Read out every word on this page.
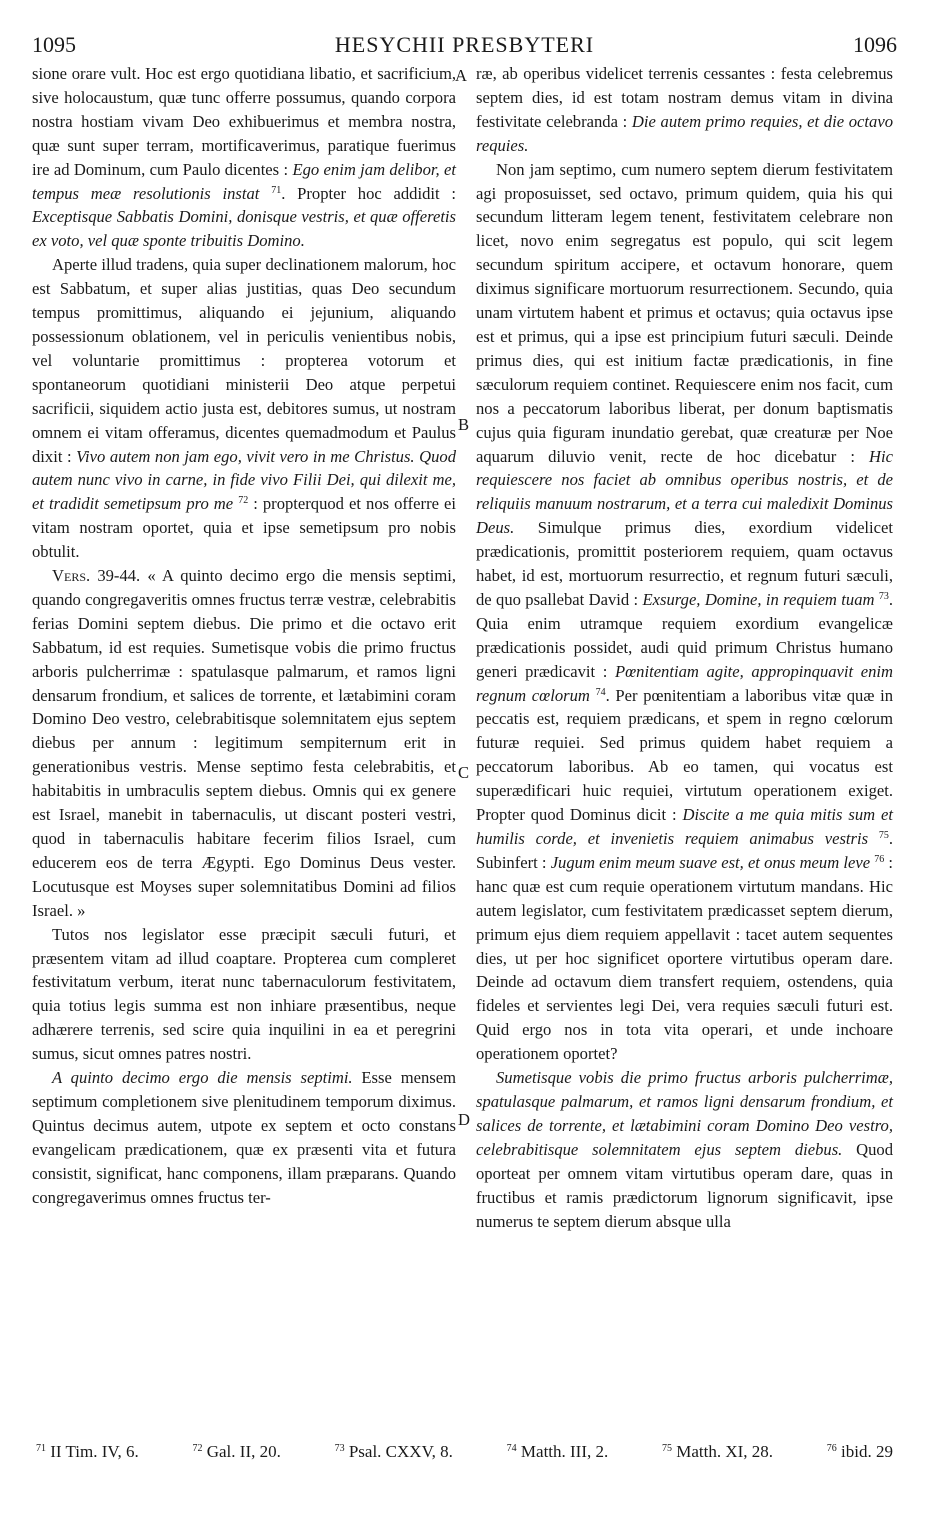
1095	HESYCHII PRESBYTERI	1096

sione orare vult. Hoc est ergo quotidiana libatio, et sacrificium, sive holocaustum, quæ tunc offerre possumus, quando corpora nostra hostiam vivam Deo exhibuerimus et membra nostra, quæ sunt super terram, mortificaverimus, paratique fuerimus ire ad Dominum, cum Paulo dicentes : Ego enim jam delibor, et tempus meæ resolutionis instat $^{71}$. Propter hoc addidit : Exceptisque Sabbatis Domini, donisque vestris, et quæ offeretis ex voto, vel quæ sponte tribuitis Domino.

Aperte illud tradens, quia super declinationem malorum, hoc est Sabbatum, et super alias justitias, quas Deo secundum tempus promittimus, aliquando ei jejunium, aliquando possessionum oblationem, vel in periculis venientibus nobis, vel voluntarie promittimus : propterea votorum et spontaneorum quotidiani ministerii Deo atque perpetui sacrificii, siquidem actio justa est, debitores sumus, ut nostram omnem ei vitam offeramus, dicentes quemadmodum et Paulus dixit : Vivo autem non jam ego, vivit vero in me Christus. Quod autem nunc vivo in carne, in fide vivo Filii Dei, qui dilexit me, et tradidit semetipsum pro me $^{72}$ : propterquod et nos offerre ei vitam nostram oportet, quia et ipse semetipsum pro nobis obtulit.

Vers. 39-44. « A quinto decimo ergo die mensis septimi, quando congregaveritis omnes fructus terræ vestræ, celebrabitis ferias Domini septem diebus. Die primo et die octavo erit Sabbatum, id est requies. Sumetisque vobis die primo fructus arboris pulcherrimæ : spatulasque palmarum, et ramos ligni densarum frondium, et salices de torrente, et lætabimini coram Domino Deo vestro, celebrabitisque solemnitatem ejus septem diebus per annum : legitimum sempiternum erit in generationibus vestris. Mense septimo festa celebrabitis, et habitabitis in umbraculis septem diebus. Omnis qui ex genere est Israel, manebit in tabernaculis, ut discant posteri vestri, quod in tabernaculis habitare fecerim filios Israel, cum educerem eos de terra Ægypti. Ego Dominus Deus vester. Locutusque est Moyses super solemnitatibus Domini ad filios Israel. »

Tutos nos legislator esse præcipit sæculi futuri, et præsentem vitam ad illud coaptare. Propterea cum compleret festivitatum verbum, iterat nunc tabernaculorum festivitatem, quia totius legis summa est non inhiare præsentibus, neque adhærere terrenis, sed scire quia inquilini in ea et peregrini sumus, sicut omnes patres nostri.

A quinto decimo ergo die mensis septimi. Esse mensem septimum completionem sive plenitudinem temporum diximus. Quintus decimus autem, utpote ex septem et octo constans evangelicam prædicationem, quæ ex præsenti vita et futura consistit, significat, hanc componens, illam præparans. Quando congregaverimus omnes fructus ter-

A
B
C
D

ræ, ab operibus videlicet terrenis cessantes : festa celebremus septem dies, id est totam nostram demus vitam in divina festivitate celebranda : Die autem primo requies, et die octavo requies.

Non jam septimo, cum numero septem dierum festivitatem agi proposuisset, sed octavo, primum quidem, quia his qui secundum litteram legem tenent, festivitatem celebrare non licet, novo enim segregatus est populo, qui scit legem secundum spiritum accipere, et octavum honorare, quem diximus significare mortuorum resurrectionem. Secundo, quia unam virtutem habent et primus et octavus; quia octavus ipse est et primus, qui a ipse est principium futuri sæculi. Deinde primus dies, qui est initium factæ prædicationis, in fine sæculorum requiem continet. Requiescere enim nos facit, cum nos a peccatorum laboribus liberat, per donum baptismatis cujus quia figuram inundatio gerebat, quæ creaturæ per Noe aquarum diluvio venit, recte de hoc dicebatur : Hic requiescere nos faciet ab omnibus operibus nostris, et de reliquiis manuum nostrarum, et a terra cui maledixit Dominus Deus. Simulque primus dies, exordium videlicet prædicationis, promittit posteriorem requiem, quam octavus habet, id est, mortuorum resurrectio, et regnum futuri sæculi, de quo psallebat David : Exsurge, Domine, in requiem tuam $^{73}$. Quia enim utramque requiem exordium evangelicæ prædicationis possidet, audi quid primum Christus humano generi prædicavit : Pœnitentiam agite, appropinquavit enim regnum cœlorum $^{74}$. Per pœnitentiam a laboribus vitæ quæ in peccatis est, requiem prædicans, et spem in regno cœlorum futuræ requiei. Sed primus quidem habet requiem a peccatorum laboribus. Ab eo tamen, qui vocatus est superædificari huic requiei, virtutum operationem exiget. Propter quod Dominus dicit : Discite a me quia mitis sum et humilis corde, et invenietis requiem animabus vestris $^{75}$. Subinfert : Jugum enim meum suave est, et onus meum leve $^{76}$ : hanc quæ est cum requie operationem virtutum mandans. Hic autem legislator, cum festivitatem prædicasset septem dierum, primum ejus diem requiem appellavit : tacet autem sequentes dies, ut per hoc significet oportere virtutibus operam dare. Deinde ad octavum diem transfert requiem, ostendens, quia fideles et servientes legi Dei, vera requies sæculi futuri est. Quid ergo nos in tota vita operari, et unde inchoare operationem oportet?

Sumetisque vobis die primo fructus arboris pulcherrimæ, spatulasque palmarum, et ramos ligni densarum frondium, et salices de torrente, et lætabimini coram Domino Deo vestro, celebrabitisque solemnitatem ejus septem diebus. Quod oporteat per omnem vitam virtutibus operam dare, quas in fructibus et ramis prædictorum lignorum significavit, ipse numerus te septem dierum absque ulla

$^{71}$ II Tim. IV, 6.	$^{72}$ Gal. II, 20.	$^{73}$ Psal. CXXV, 8.	$^{74}$ Matth. III, 2.	$^{75}$ Matth. XI, 28.	$^{76}$ ibid. 29
